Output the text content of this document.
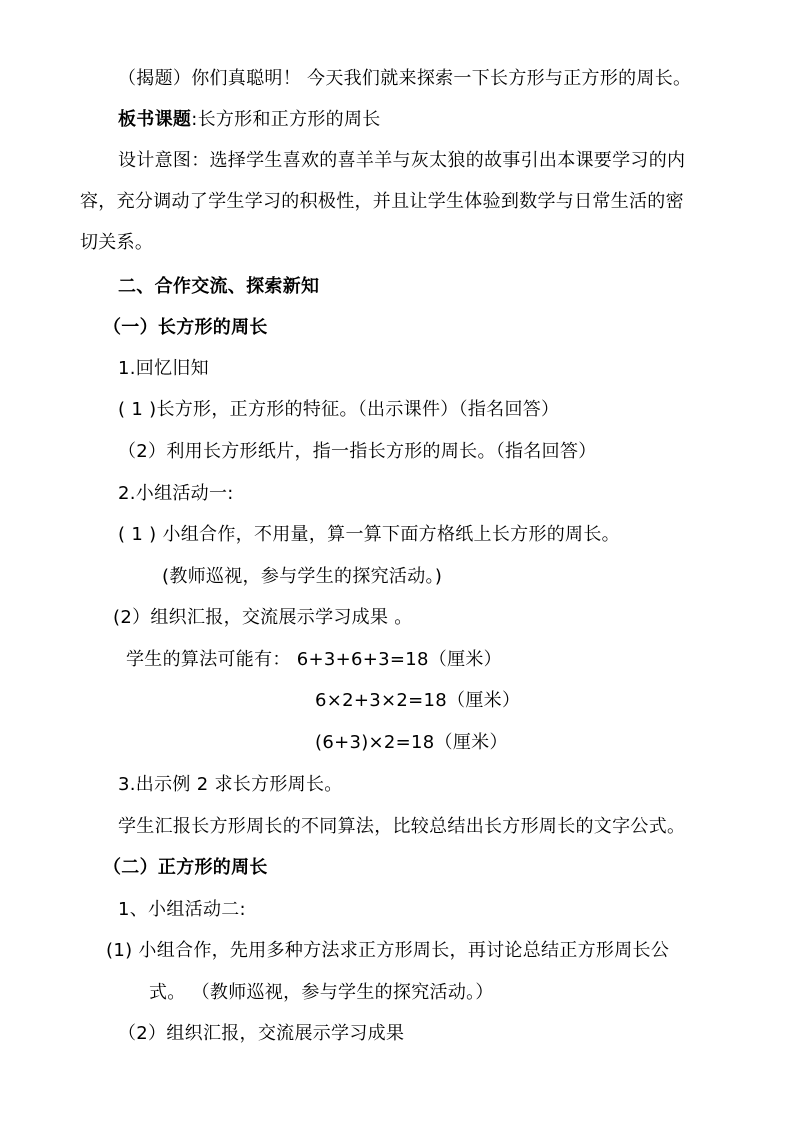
（揭题）你们真聪明！ 今天我们就来探索一下长方形与正方形的周长。
板书课题:长方形和正方形的周长
设计意图：选择学生喜欢的喜羊羊与灰太狼的故事引出本课要学习的内
容，充分调动了学生学习的积极性，并且让学生体验到数学与日常生活的密
切关系。
二、合作交流、探索新知
（一）长方形的周长
1.回忆旧知
( 1 )长方形，正方形的特征。（出示课件）（指名回答）
（2）利用长方形纸片，指一指长方形的周长。（指名回答）
2.小组活动一:
( 1 ) 小组合作，不用量，算一算下面方格纸上长方形的周长。
(教师巡视，参与学生的探究活动。)
(2）组织汇报，交流展示学习成果 。
学生的算法可能有： 6+3+6+3=18（厘米）
6×2+3×2=18（厘米）
(6+3)×2=18（厘米）
3.出示例 2 求长方形周长。
学生汇报长方形周长的不同算法，比较总结出长方形周长的文字公式。
（二）正方形的周长
1、小组活动二:
(1) 小组合作，先用多种方法求正方形周长，再讨论总结正方形周长公
式。 （教师巡视，参与学生的探究活动。）
（2）组织汇报，交流展示学习成果
